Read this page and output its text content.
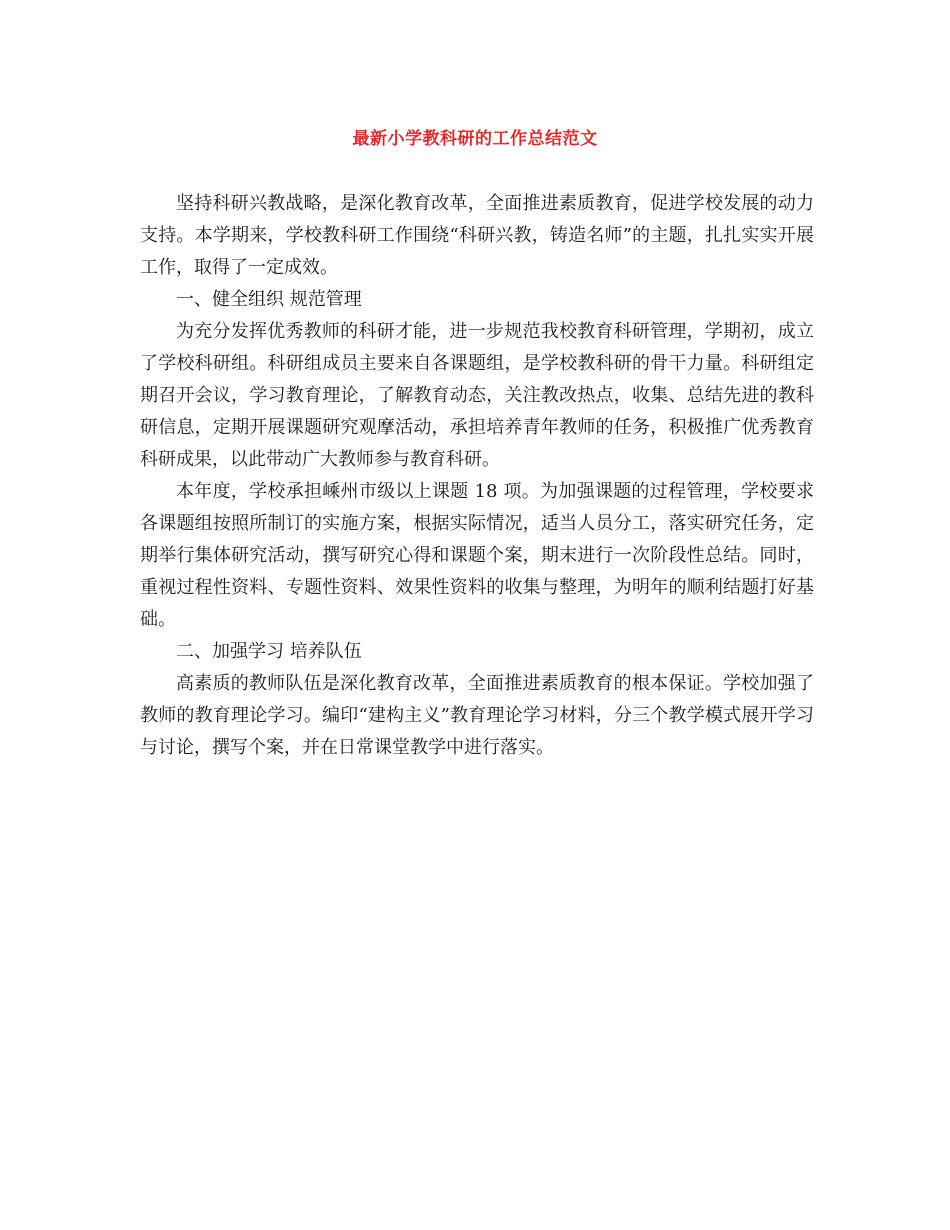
最新小学教科研的工作总结范文

坚持科研兴教战略，是深化教育改革，全面推进素质教育，促进学校发展的动力支持。本学期来，学校教科研工作围绕“科研兴教，铸造名师”的主题，扎扎实实开展工作，取得了一定成效。

一、健全组织 规范管理

为充分发挥优秀教师的科研才能，进一步规范我校教育科研管理，学期初，成立了学校科研组。科研组成员主要来自各课题组，是学校教科研的骨干力量。科研组定期召开会议，学习教育理论，了解教育动态，关注教改热点，收集、总结先进的教科研信息，定期开展课题研究观摩活动，承担培养青年教师的任务，积极推广优秀教育科研成果，以此带动广大教师参与教育科研。

本年度，学校承担嵊州市级以上课题 18 项。为加强课题的过程管理，学校要求各课题组按照所制订的实施方案，根据实际情况，适当人员分工，落实研究任务，定期举行集体研究活动，撰写研究心得和课题个案，期末进行一次阶段性总结。同时，重视过程性资料、专题性资料、效果性资料的收集与整理，为明年的顺利结题打好基础。

二、加强学习 培养队伍

高素质的教师队伍是深化教育改革，全面推进素质教育的根本保证。学校加强了教师的教育理论学习。编印“建构主义”教育理论学习材料，分三个教学模式展开学习与讨论，撰写个案，并在日常课堂教学中进行落实。
